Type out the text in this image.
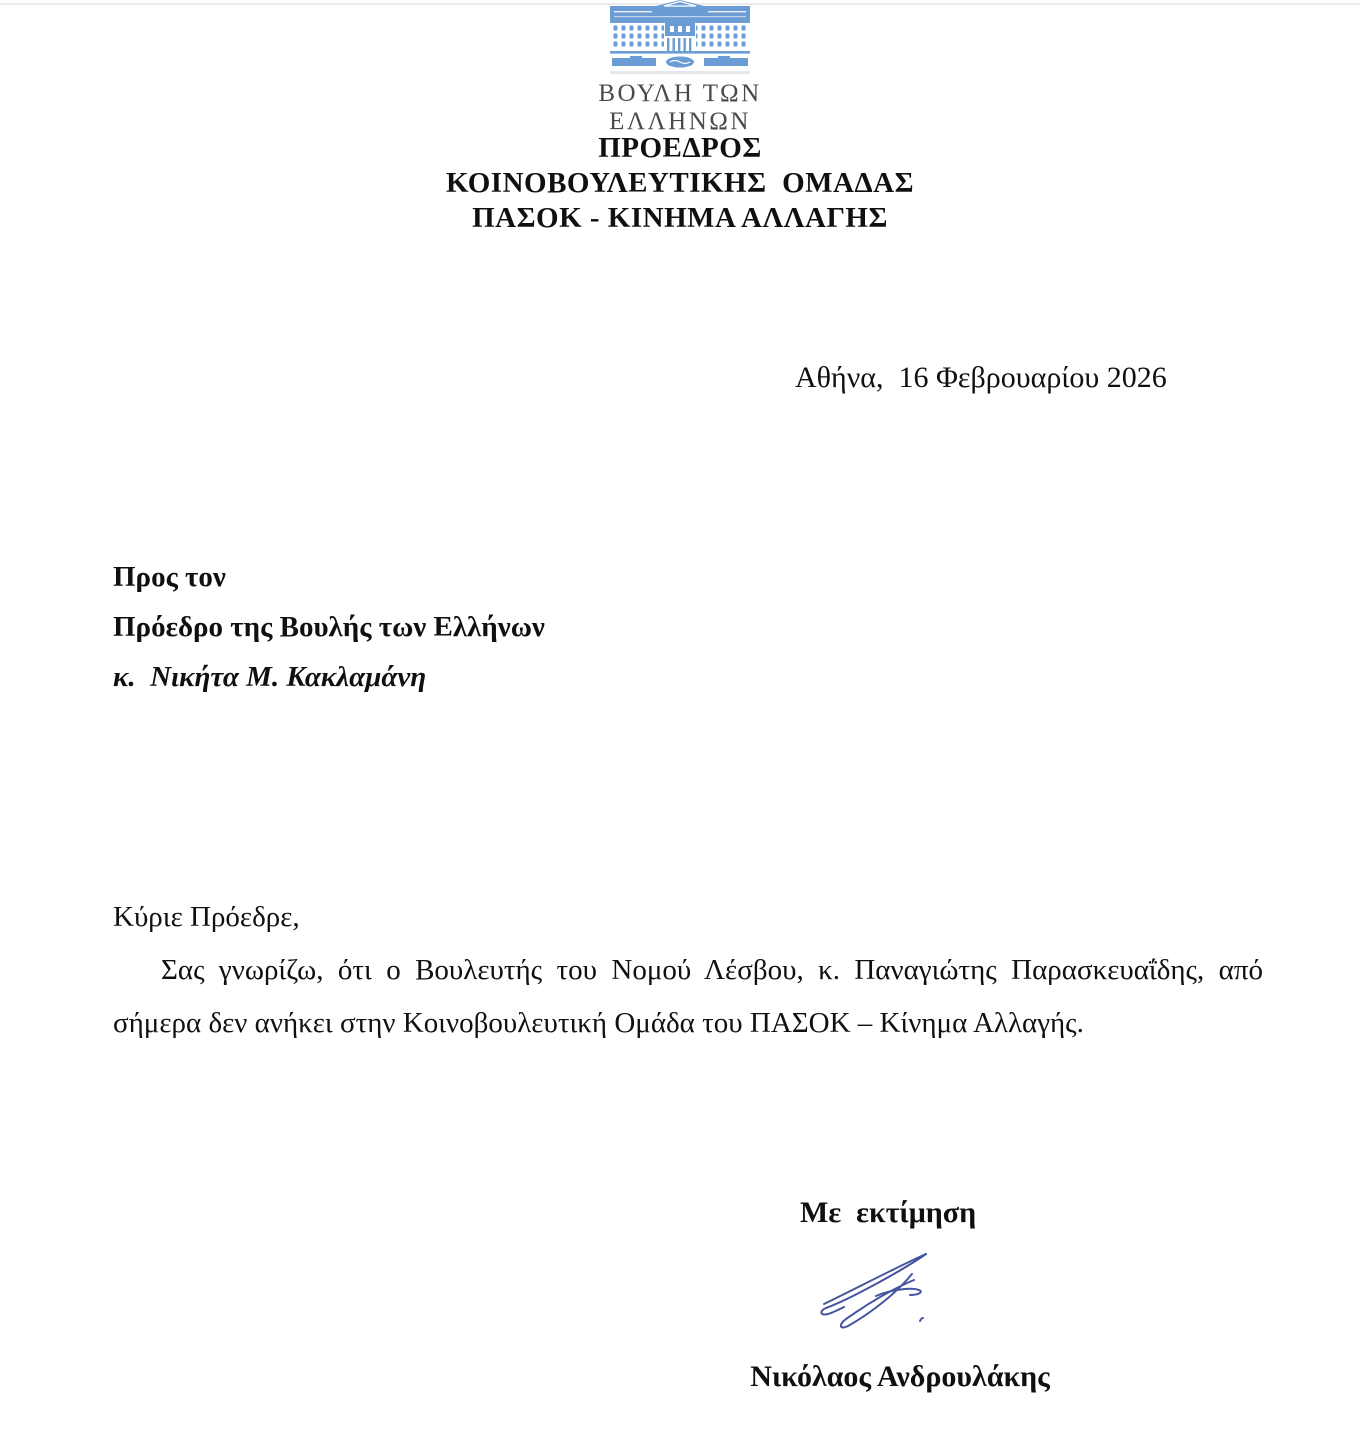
ΒΟΥΛΗ ΤΩΝ ΕΛΛΗΝΩΝ
ΠΡΟΕΔΡΟΣ
ΚΟΙΝΟΒΟΥΛΕΥΤΙΚΗΣ  ΟΜΑΔΑΣ
ΠΑΣΟΚ - ΚΙΝΗΜΑ ΑΛΛΑΓΗΣ
Αθήνα,  16 Φεβρουαρίου 2026
Προς τον
Πρόεδρο της Βουλής των Ελλήνων
κ.  Νικήτα Μ. Κακλαμάνη

Κύριε Πρόεδρε,

Σας γνωρίζω, ότι ο Βουλευτής του Νομού Λέσβου, κ. Παναγιώτης Παρασκευαΐδης, από σήμερα δεν ανήκει στην Κοινοβουλευτική Ομάδα του ΠΑΣΟΚ – Κίνημα Αλλαγής.

Με  εκτίμηση
Νικόλαος Ανδρουλάκης
